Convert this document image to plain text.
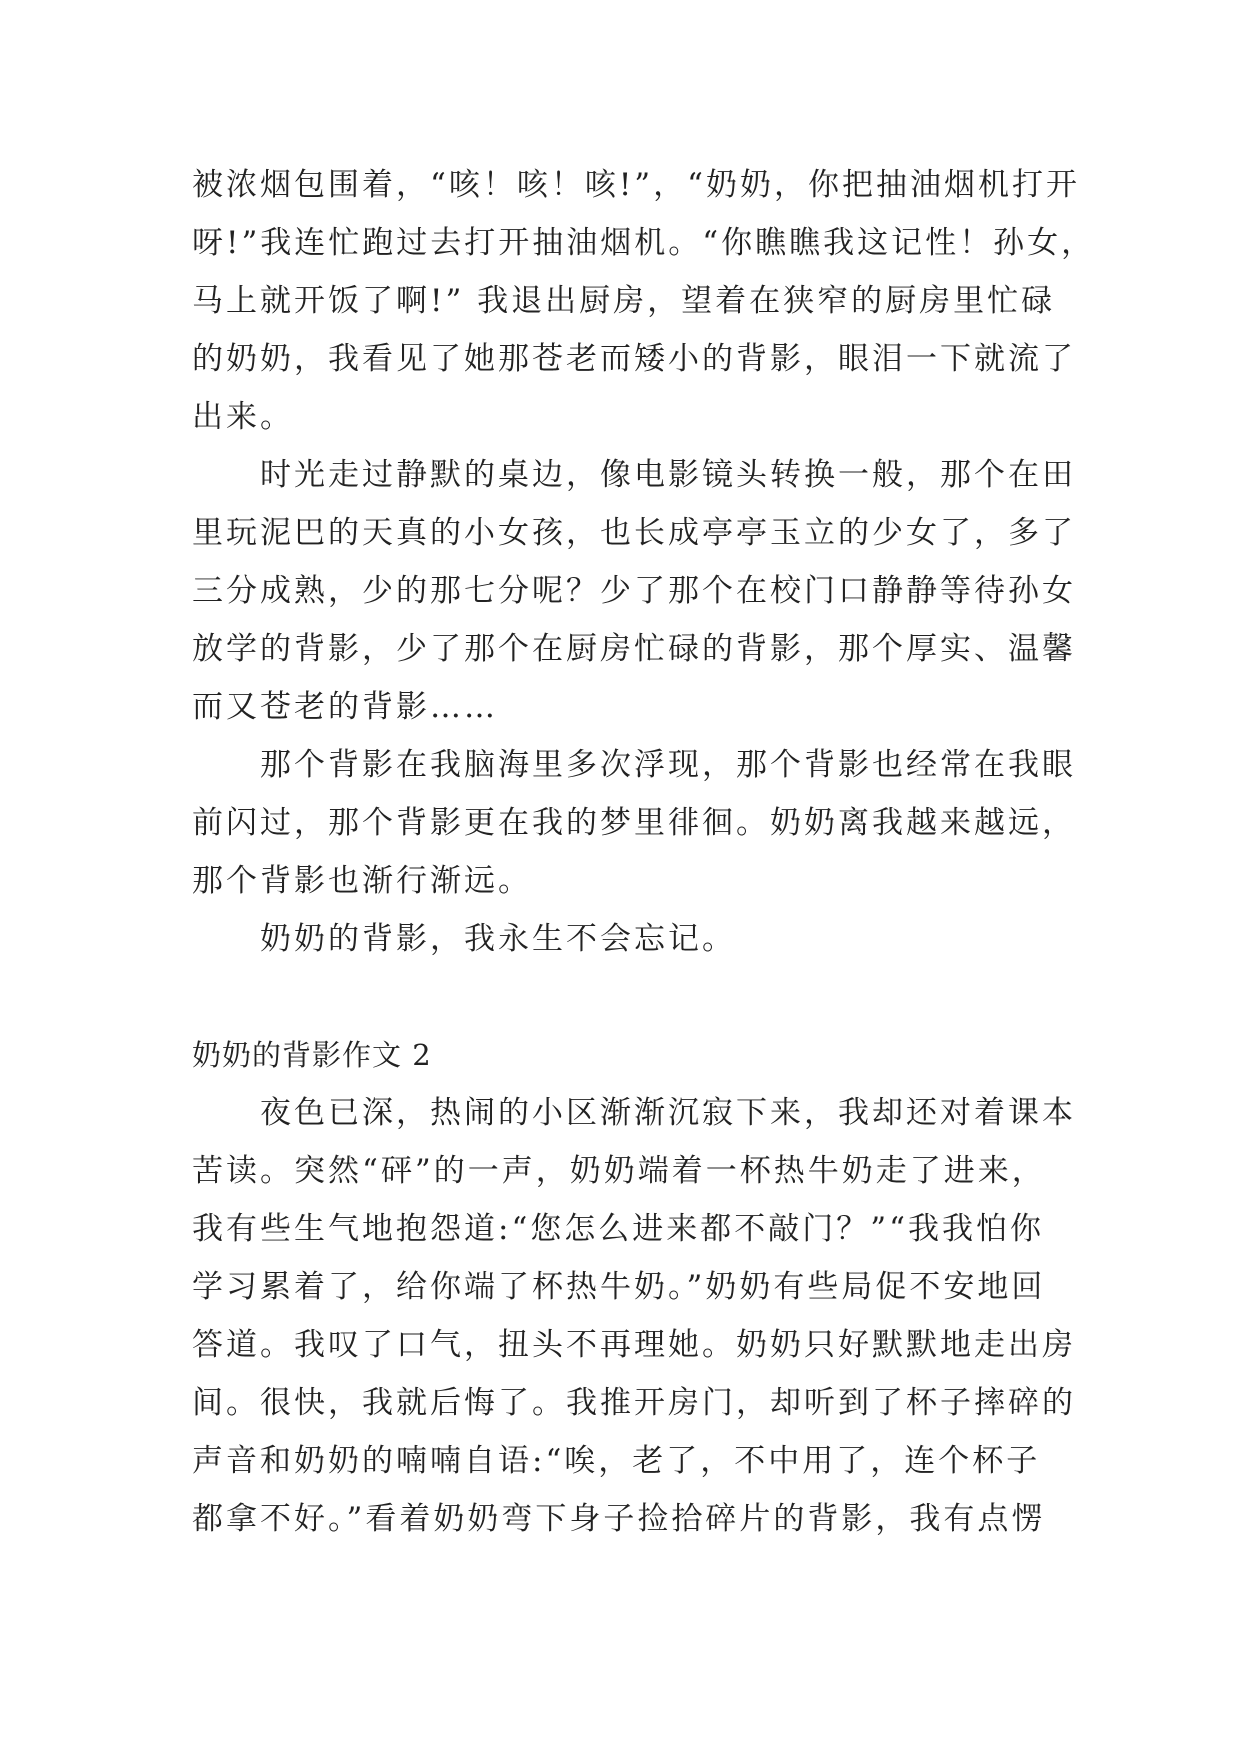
被浓烟包围着，“咳！咳！咳!”，“奶奶，你把抽油烟机打开
呀!”我连忙跑过去打开抽油烟机。“你瞧瞧我这记性！孙女，
马上就开饭了啊!” 我退出厨房，望着在狭窄的厨房里忙碌
的奶奶，我看见了她那苍老而矮小的背影，眼泪一下就流了
出来。
　　时光走过静默的桌边，像电影镜头转换一般，那个在田
里玩泥巴的天真的小女孩，也长成亭亭玉立的少女了，多了
三分成熟，少的那七分呢？少了那个在校门口静静等待孙女
放学的背影，少了那个在厨房忙碌的背影，那个厚实、温馨
而又苍老的背影……
　　那个背影在我脑海里多次浮现，那个背影也经常在我眼
前闪过，那个背影更在我的梦里徘徊。奶奶离我越来越远，
那个背影也渐行渐远。
　　奶奶的背影，我永生不会忘记。
奶奶的背影作文 2
　　夜色已深，热闹的小区渐渐沉寂下来，我却还对着课本
苦读。突然“砰”的一声，奶奶端着一杯热牛奶走了进来，
我有些生气地抱怨道:“您怎么进来都不敲门？”“我我怕你
学习累着了，给你端了杯热牛奶。”奶奶有些局促不安地回
答道。我叹了口气，扭头不再理她。奶奶只好默默地走出房
间。很快，我就后悔了。我推开房门，却听到了杯子摔碎的
声音和奶奶的喃喃自语:“唉，老了，不中用了，连个杯子
都拿不好。”看着奶奶弯下身子捡拾碎片的背影，我有点愣
